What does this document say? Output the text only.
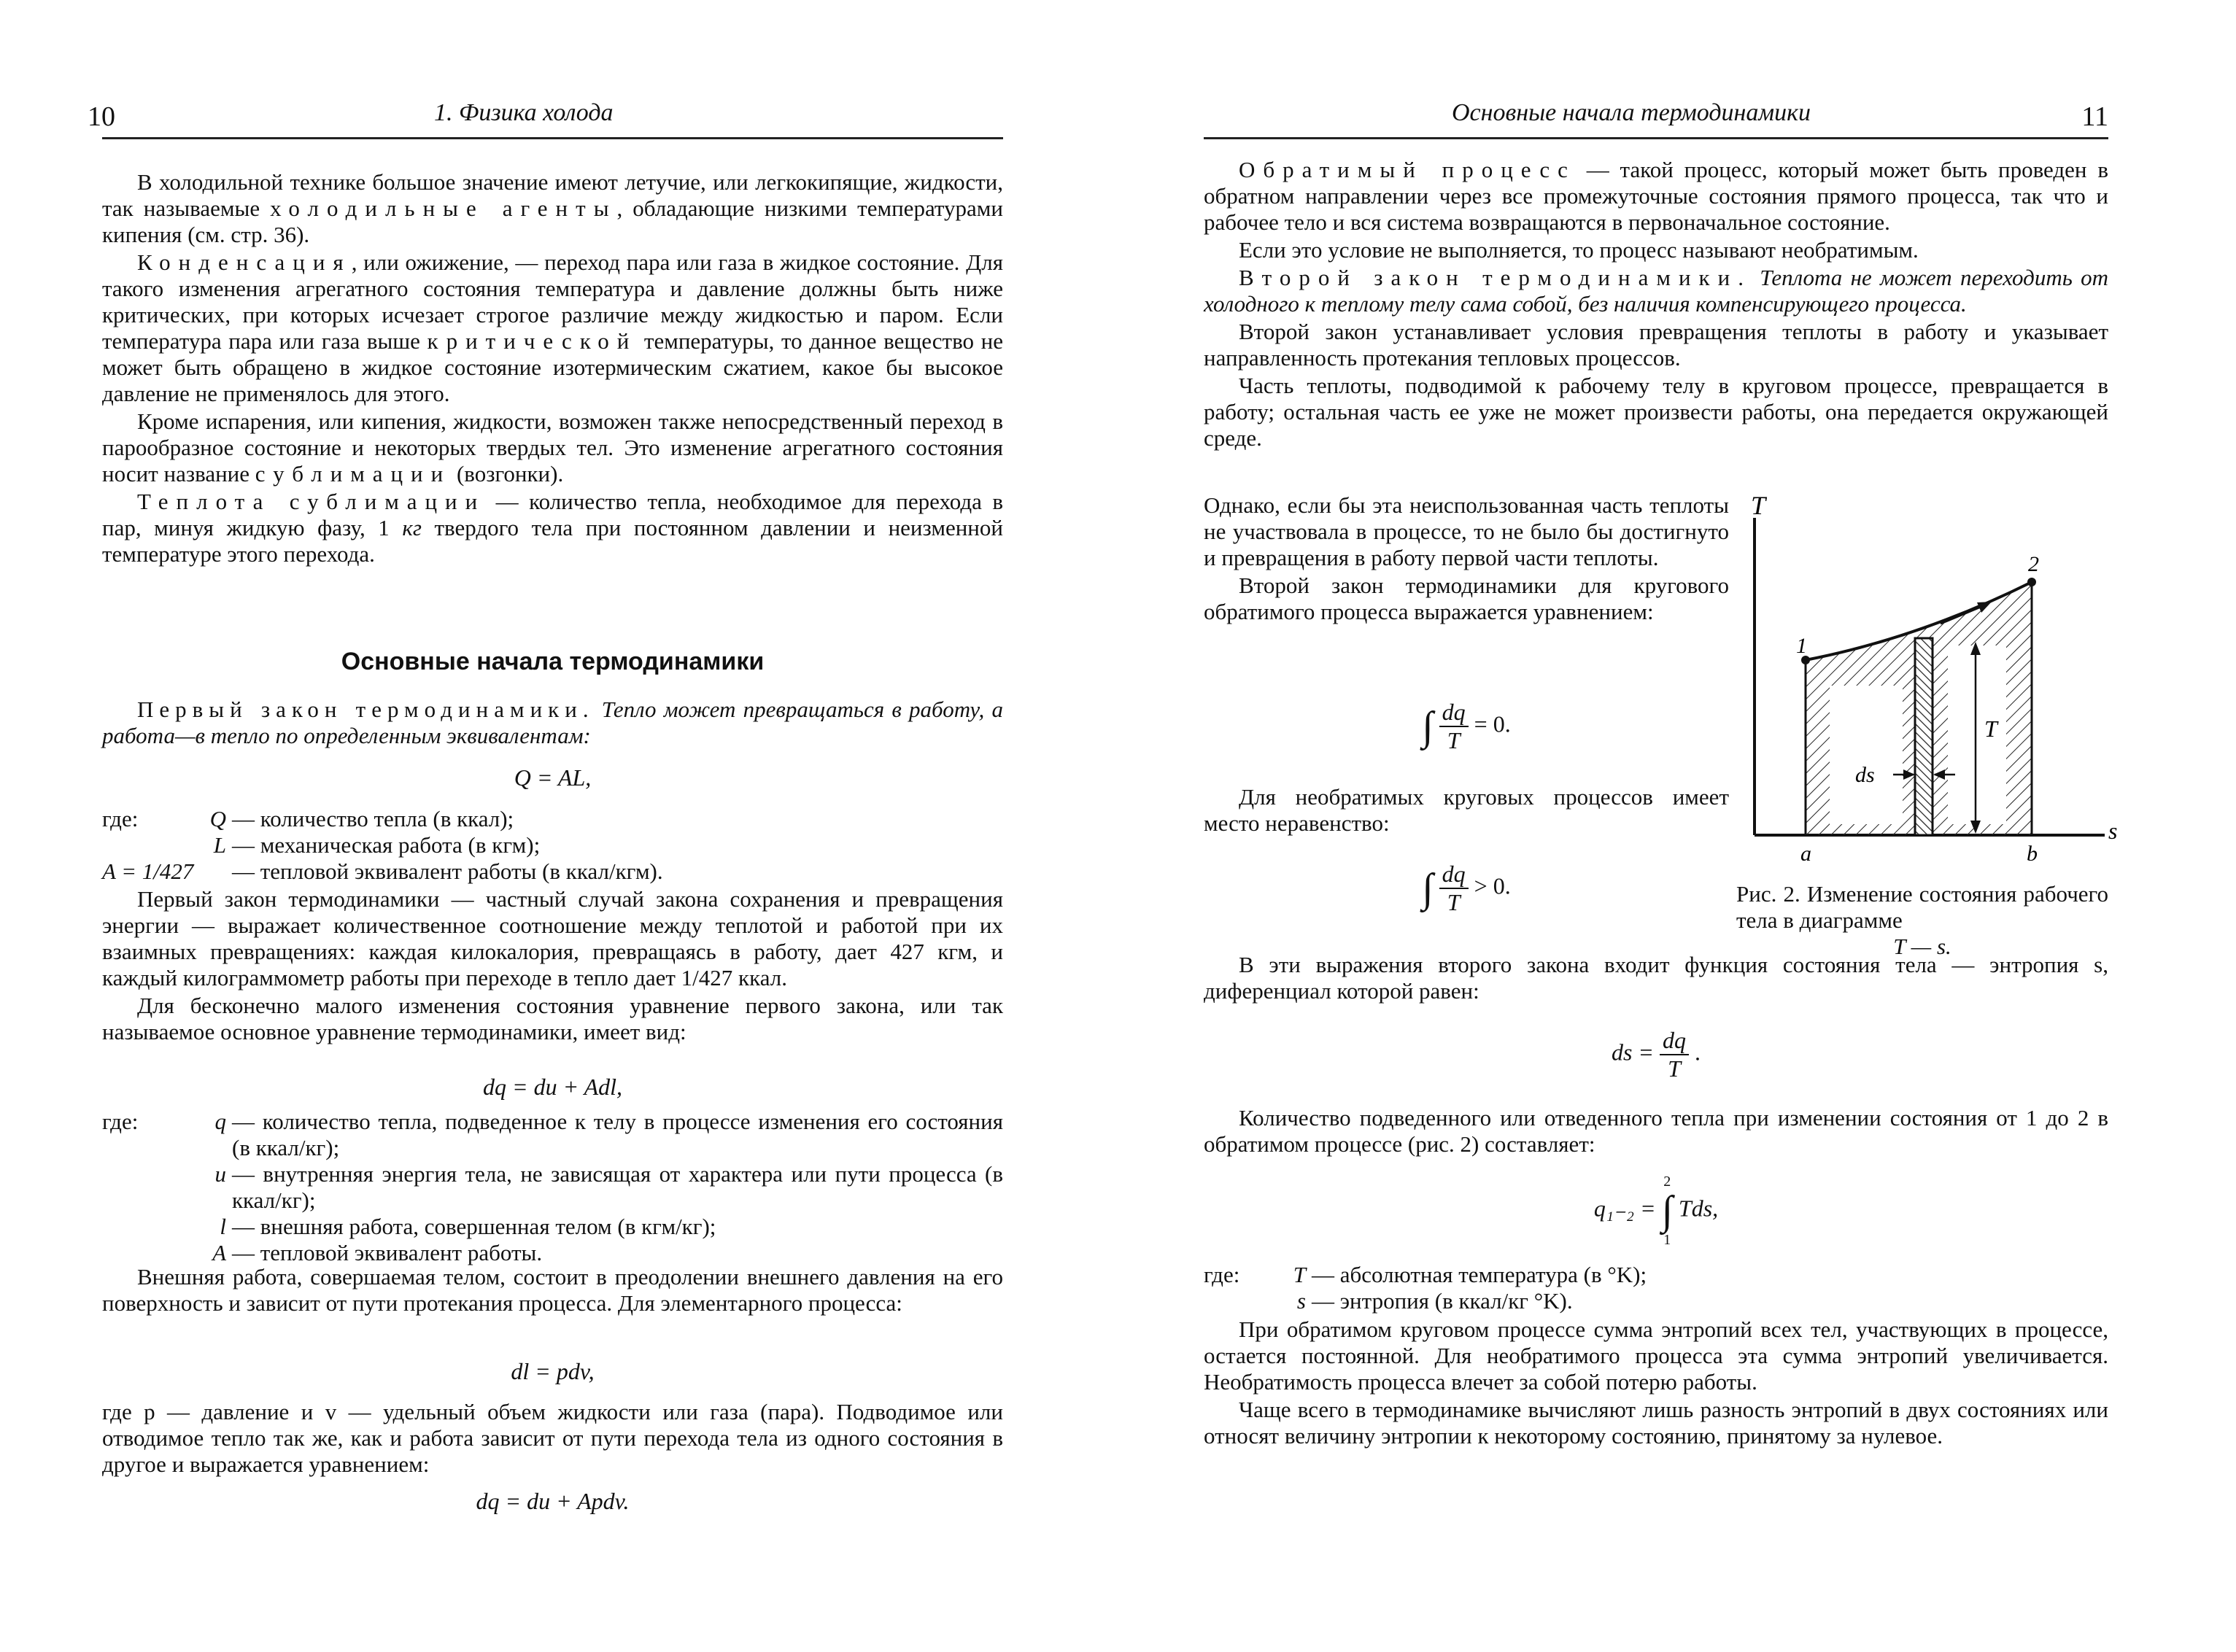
10	1. Физика холода

В холодильной технике большое значение имеют летучие, или легкокипящие, жидкости, так называемые холодильные агенты, обладающие низкими температурами кипения (см. стр. 36).

Конденсация, или ожижение, — переход пара или газа в жидкое состояние. Для такого изменения агрегатного состояния температура и давление должны быть ниже критических, при которых исчезает строгое различие между жидкостью и паром. Если температура пара или газа выше критической температуры, то данное вещество не может быть обращено в жидкое состояние изотермическим сжатием, какое бы высокое давление не применялось для этого.

Кроме испарения, или кипения, жидкости, возможен также непосредственный переход в парообразное состояние и некоторых твердых тел. Это изменение агрегатного состояния носит название сублимации (возгонки).

Теплота сублимации — количество тепла, необходимое для перехода в пар, минуя жидкую фазу, 1 кг твердого тела при постоянном давлении и неизменной температуре этого перехода.

Основные начала термодинамики

Первый закон термодинамики. Тепло может превращаться в работу, а работа—в тепло по определенным эквивалентам:

Q = AL,
где:	Q — количество тепла (в ккал);
L — механическая работа (в кгм);
A = 1/427	— тепловой эквивалент работы (в ккал/кгм).

Первый закон термодинамики — частный случай закона сохранения и превращения энергии — выражает количественное соотношение между теплотой и работой при их взаимных превращениях: каждая килокалория, превращаясь в работу, дает 427 кгм, и каждый килограммометр работы при переходе в тепло дает 1/427 ккал.

Для бесконечно малого изменения состояния уравнение первого закона, или так называемое основное уравнение термодинамики, имеет вид:

dq = du + Adl,
где:	q — количество тепла, подведенное к телу в процессе изменения его состояния (в ккал/кг);
u — внутренняя энергия тела, не зависящая от характера или пути процесса (в ккал/кг);
l — внешняя работа, совершенная телом (в кгм/кг);
A — тепловой эквивалент работы.

Внешняя работа, совершаемая телом, состоит в преодолении внешнего давления на его поверхность и зависит от пути протекания процесса. Для элементарного процесса:

dl = pdv,

где p — давление и v — удельный объем жидкости или газа (пара). Подводимое или отводимое тепло так же, как и работа зависит от пути перехода тела из одного состояния в другое и выражается уравнением:

dq = du + Apdv.
Основные начала термодинамики	11

Обратимый процесс — такой процесс, который может быть проведен в обратном направлении через все промежуточные состояния прямого процесса, так что и рабочее тело и вся система возвращаются в первоначальное состояние.

Если это условие не выполняется, то процесс называют необратимым.

Второй закон термодинамики. Теплота не может переходить от холодного к теплому телу сама собой, без наличия компенсирующего процесса.

Второй закон устанавливает условия превращения теплоты в работу и указывает направленность протекания тепловых процессов.

Часть теплоты, подводимой к рабочему телу в круговом процессе, превращается в работу; остальная часть ее уже не может произвести работы, она передается окружающей среде.

Однако, если бы эта неиспользованная часть теплоты не участвовала в процессе, то не было бы достигнуто и превращения в работу первой части теплоты.

Второй закон термодинамики для кругового обратимого процесса выражается уравнением:

∫ $\frac{dq}{T} = 0$.

Для необратимых круговых процессов имеет место неравенство:

∫ $\frac{dq}{T} > 0$.
T
s
1
2
a	b
ds
T
Рис. 2. Изменение состояния рабочего тела в диаграмме
T — s.

В эти выражения второго закона входит функция состояния тела — энтропия s, диференциал которой равен:

ds = $\frac{dq}{T}$ .

Количество подведенного или отведенного тепла при изменении состояния от 1 до 2 в обратимом процессе (рис. 2) составляет:

q₁₋₂ =
2
∫
1
Tds,
где:	T — абсолютная температура (в °K);
s — энтропия (в ккал/кг °K).

При обратимом круговом процессе сумма энтропий всех тел, участвующих в процессе, остается постоянной. Для необратимого процесса эта сумма энтропий увеличивается. Необратимость процесса влечет за собой потерю работы.

Чаще всего в термодинамике вычисляют лишь разность энтропий в двух состояниях или относят величину энтропии к некоторому состоянию, принятому за нулевое.
